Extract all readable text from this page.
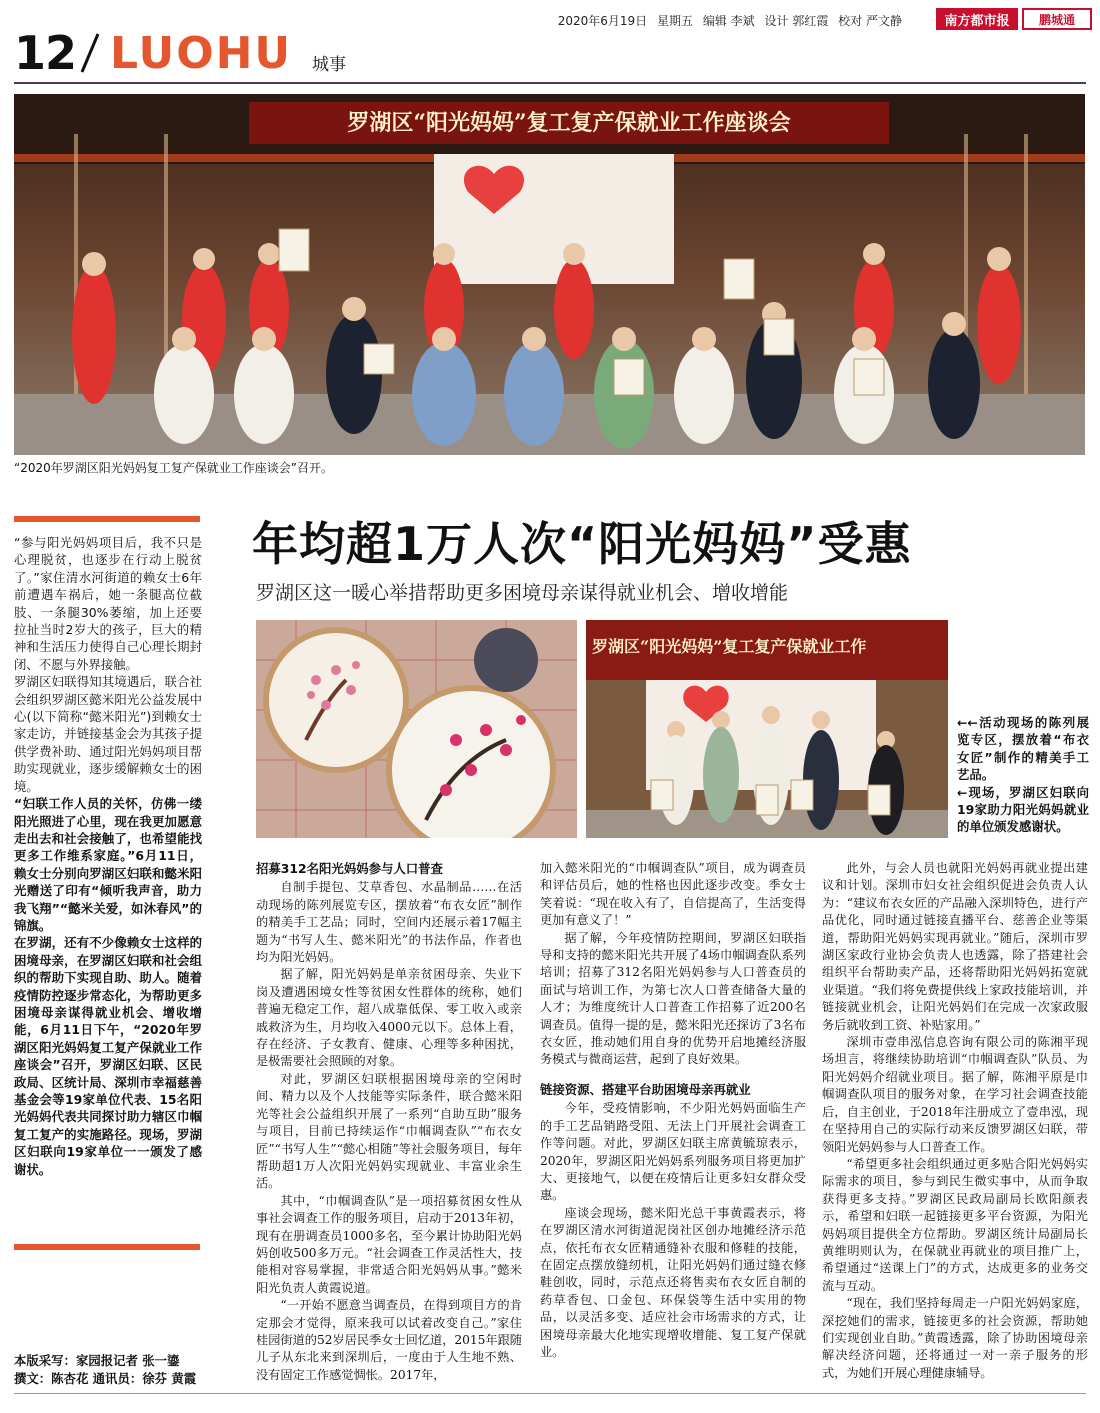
2020年6月19日 星期五 编辑 李斌 设计 郭红霞 校对 严文静	南方都市报	鹏城通
12 LUOHU 城事
罗湖区“阳光妈妈”复工复产保就业工作座谈会
“2020年罗湖区阳光妈妈复工复产保就业工作座谈会”召开。

“参与阳光妈妈项目后，我不只是心理脱贫，也逐步在行动上脱贫了。”家住清水河街道的赖女士6年前遭遇车祸后，她一条腿高位截肢、一条腿30%萎缩，加上还要拉扯当时2岁大的孩子，巨大的精神和生活压力使得自己心理长期封闭、不愿与外界接触。

罗湖区妇联得知其境遇后，联合社会组织罗湖区懿米阳光公益发展中心(以下简称“懿米阳光”)到赖女士家走访，并链接基金会为其孩子提供学费补助、通过阳光妈妈项目帮助实现就业，逐步缓解赖女士的困境。

“妇联工作人员的关怀，仿佛一缕阳光照进了心里，现在我更加愿意走出去和社会接触了，也希望能找更多工作维系家庭。”6月11日，赖女士分别向罗湖区妇联和懿米阳光赠送了印有“倾听我声音，助力我飞翔”“懿米关爱，如沐春风”的锦旗。

在罗湖，还有不少像赖女士这样的困境母亲，在罗湖区妇联和社会组织的帮助下实现自助、助人。随着疫情防控逐步常态化，为帮助更多困境母亲谋得就业机会、增收增能，6月11日下午，“2020年罗湖区阳光妈妈复工复产保就业工作座谈会”召开，罗湖区妇联、区民政局、区统计局、深圳市幸福慈善基金会等19家单位代表、15名阳光妈妈代表共同探讨助力辖区巾帼复工复产的实施路径。现场，罗湖区妇联向19家单位一一颁发了感谢状。

本版采写：家园报记者 张一鎏
撰文：陈杏花 通讯员：徐芬 黄霞
年均超1万人次“阳光妈妈”受惠
罗湖区这一暖心举措帮助更多困境母亲谋得就业机会、增收增能
罗湖区“阳光妈妈”复工复产保就业工作

←←活动现场的陈列展览专区，摆放着“布衣女匠”制作的精美手工艺品。

←现场，罗湖区妇联向19家助力阳光妈妈就业的单位颁发感谢状。

招募312名阳光妈妈参与人口普查

自制手提包、艾草香包、水晶制品……在活动现场的陈列展览专区，摆放着“布衣女匠”制作的精美手工艺品；同时，空间内还展示着17幅主题为“书写人生、懿米阳光”的书法作品，作者也均为阳光妈妈。

据了解，阳光妈妈是单亲贫困母亲、失业下岗及遭遇困境女性等贫困女性群体的统称，她们普遍无稳定工作，超八成靠低保、零工收入或亲戚救济为生，月均收入4000元以下。总体上看，存在经济、子女教育、健康、心理等多种困扰，是极需要社会照顾的对象。

对此，罗湖区妇联根据困境母亲的空闲时间、精力以及个人技能等实际条件，联合懿米阳光等社会公益组织开展了一系列“自助互助”服务与项目，目前已持续运作“巾帼调查队”“布衣女匠”“书写人生”“懿心相随”等社会服务项目，每年帮助超1万人次阳光妈妈实现就业、丰富业余生活。

其中，“巾帼调查队”是一项招募贫困女性从事社会调查工作的服务项目，启动于2013年初，现有在册调查员1000多名，至今累计协助阳光妈妈创收500多万元。“社会调查工作灵活性大，技能相对容易掌握，非常适合阳光妈妈从事。”懿米阳光负责人黄霞说道。

“一开始不愿意当调查员，在得到项目方的肯定那会才觉得，原来我可以试着改变自己。”家住桂园街道的52岁居民季女士回忆道，2015年跟随儿子从东北来到深圳后，一度由于人生地不熟、没有固定工作感觉惆怅。2017年，

加入懿米阳光的“巾帼调查队”项目，成为调查员和评估员后，她的性格也因此逐步改变。季女士笑着说：“现在收入有了，自信提高了，生活变得更加有意义了！”

据了解，今年疫情防控期间，罗湖区妇联指导和支持的懿米阳光共开展了4场巾帼调查队系列培训；招募了312名阳光妈妈参与人口普查员的面试与培训工作，为第七次人口普查储备大量的人才；为维度统计人口普查工作招募了近200名调查员。值得一提的是，懿米阳光还探访了3名布衣女匠，推动她们用自身的优势开启地摊经济服务模式与微商运营，起到了良好效果。

链接资源、搭建平台助困境母亲再就业

今年，受疫情影响，不少阳光妈妈面临生产的手工艺品销路受阻、无法上门开展社会调查工作等问题。对此，罗湖区妇联主席黄毓琼表示，2020年，罗湖区阳光妈妈系列服务项目将更加扩大、更接地气，以便在疫情后让更多妇女群众受惠。

座谈会现场，懿米阳光总干事黄霞表示，将在罗湖区清水河街道泥岗社区创办地摊经济示范点，依托布衣女匠精通缝补衣服和修鞋的技能，在固定点摆放缝纫机，让阳光妈妈们通过缝衣修鞋创收，同时，示范点还将售卖布衣女匠自制的药草香包、口金包、环保袋等生活中实用的物品，以灵活多变、适应社会市场需求的方式，让困境母亲最大化地实现增收增能、复工复产保就业。

此外，与会人员也就阳光妈妈再就业提出建议和计划。深圳市妇女社会组织促进会负责人认为：“建议布衣女匠的产品融入深圳特色，进行产品优化，同时通过链接直播平台、慈善企业等渠道，帮助阳光妈妈实现再就业。”随后，深圳市罗湖区家政行业协会负责人也透露，除了搭建社会组织平台帮助卖产品，还将帮助阳光妈妈拓宽就业渠道。“我们将免费提供线上家政技能培训，并链接就业机会，让阳光妈妈们在完成一次家政服务后就收到工资、补贴家用。”

深圳市壹串泓信息咨询有限公司的陈湘平现场坦言，将继续协助培训“巾帼调查队”队员、为阳光妈妈介绍就业项目。据了解，陈湘平原是巾帼调查队项目的服务对象，在学习社会调查技能后，自主创业，于2018年注册成立了壹串泓，现在坚持用自己的实际行动来反馈罗湖区妇联，带领阳光妈妈参与人口普查工作。

“希望更多社会组织通过更多贴合阳光妈妈实际需求的项目，参与到民生微实事中，从而争取获得更多支持。”罗湖区民政局副局长欧阳颜表示，希望和妇联一起链接更多平台资源，为阳光妈妈项目提供全方位帮助。罗湖区统计局副局长黄维明则认为，在保就业再就业的项目推广上，希望通过“送课上门”的方式，达成更多的业务交流与互动。

“现在，我们坚持每周走一户阳光妈妈家庭，深挖她们的需求，链接更多的社会资源，帮助她们实现创业自助。”黄霞透露，除了协助困境母亲解决经济问题，还将通过一对一亲子服务的形式，为她们开展心理健康辅导。
